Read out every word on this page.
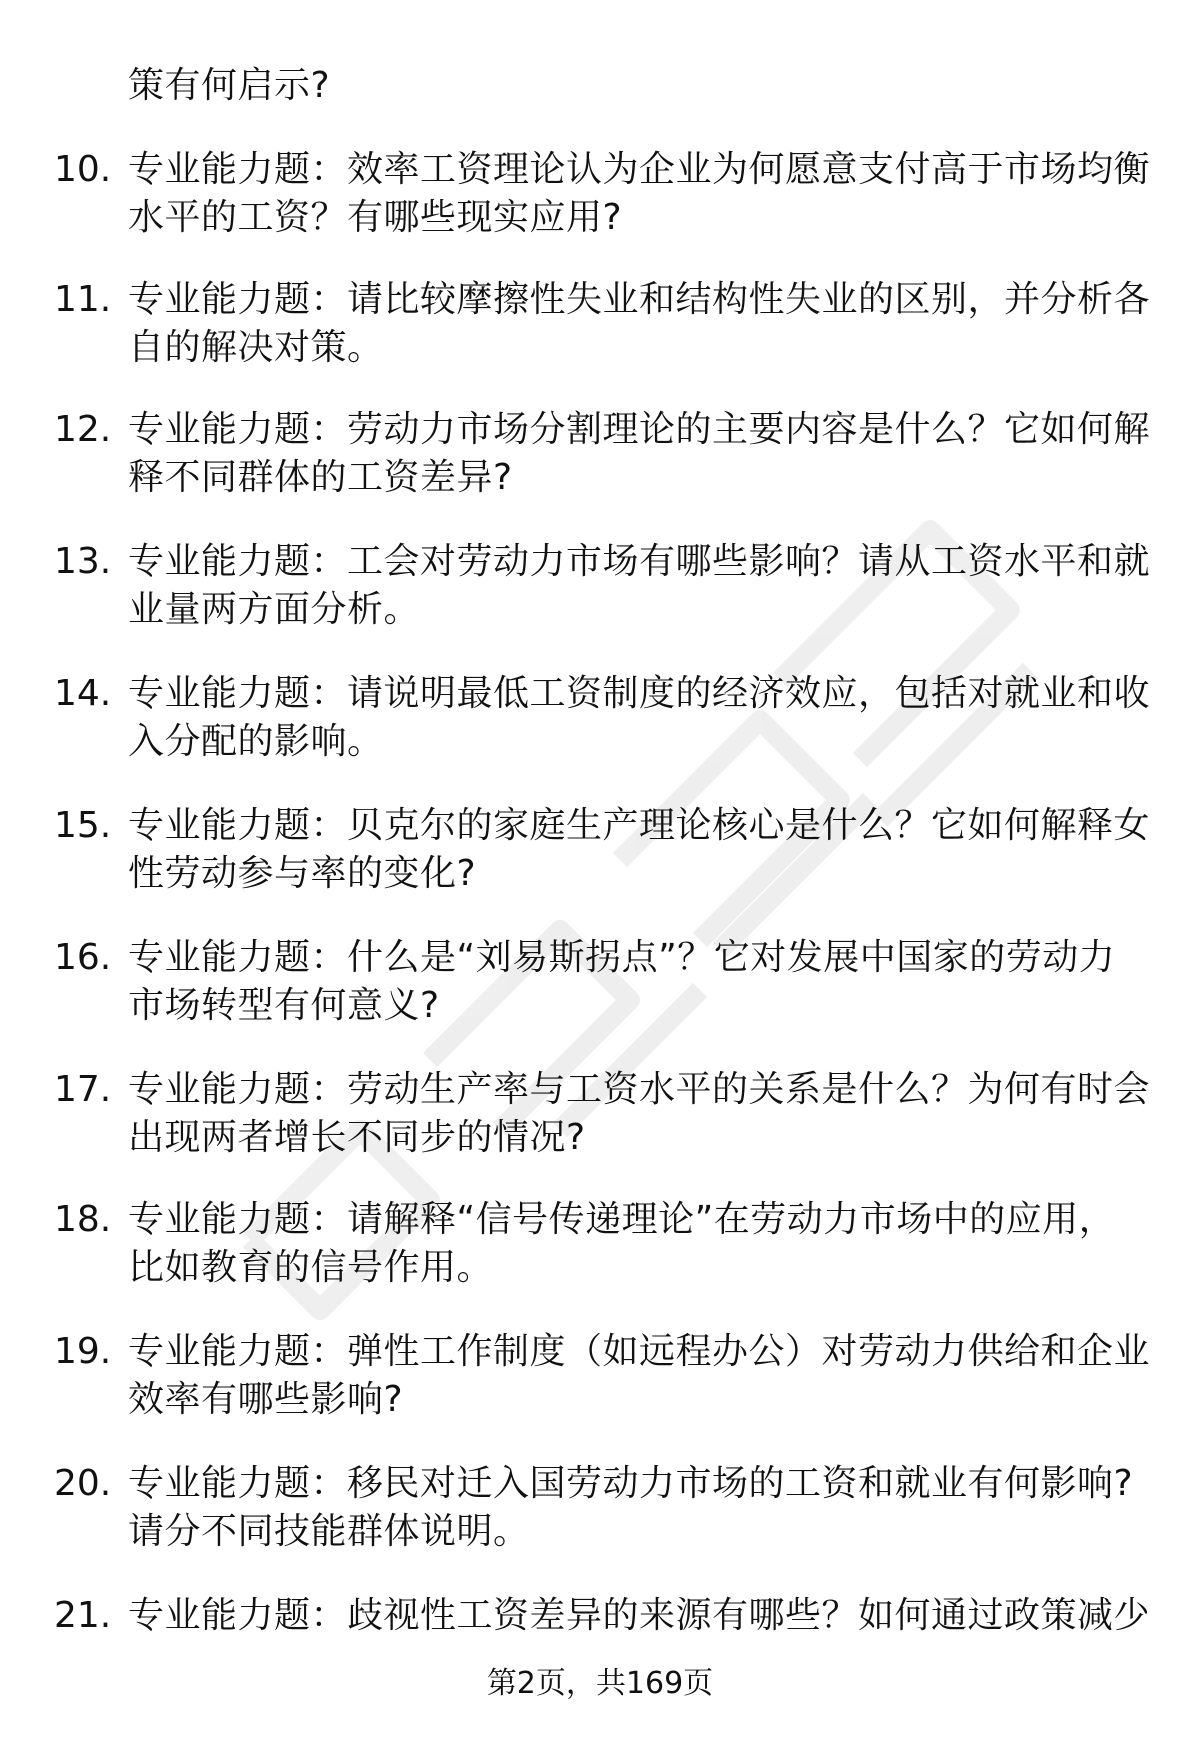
策有何启示?
10. 专业能力题：效率工资理论认为企业为何愿意支付高于市场均衡
水平的工资？有哪些现实应用?
11. 专业能力题：请比较摩擦性失业和结构性失业的区别，并分析各
自的解决对策。
12. 专业能力题：劳动力市场分割理论的主要内容是什么？它如何解
释不同群体的工资差异?
13. 专业能力题：工会对劳动力市场有哪些影响？请从工资水平和就
业量两方面分析。
14. 专业能力题：请说明最低工资制度的经济效应，包括对就业和收
入分配的影响。
15. 专业能力题：贝克尔的家庭生产理论核心是什么？它如何解释女
性劳动参与率的变化?
16. 专业能力题：什么是“刘易斯拐点”？它对发展中国家的劳动力
市场转型有何意义?
17. 专业能力题：劳动生产率与工资水平的关系是什么？为何有时会
出现两者增长不同步的情况?
18. 专业能力题：请解释“信号传递理论”在劳动力市场中的应用，
比如教育的信号作用。
19. 专业能力题：弹性工作制度（如远程办公）对劳动力供给和企业
效率有哪些影响?
20. 专业能力题：移民对迁入国劳动力市场的工资和就业有何影响?
请分不同技能群体说明。
21. 专业能力题：歧视性工资差异的来源有哪些？如何通过政策减少
第2页，共169页
